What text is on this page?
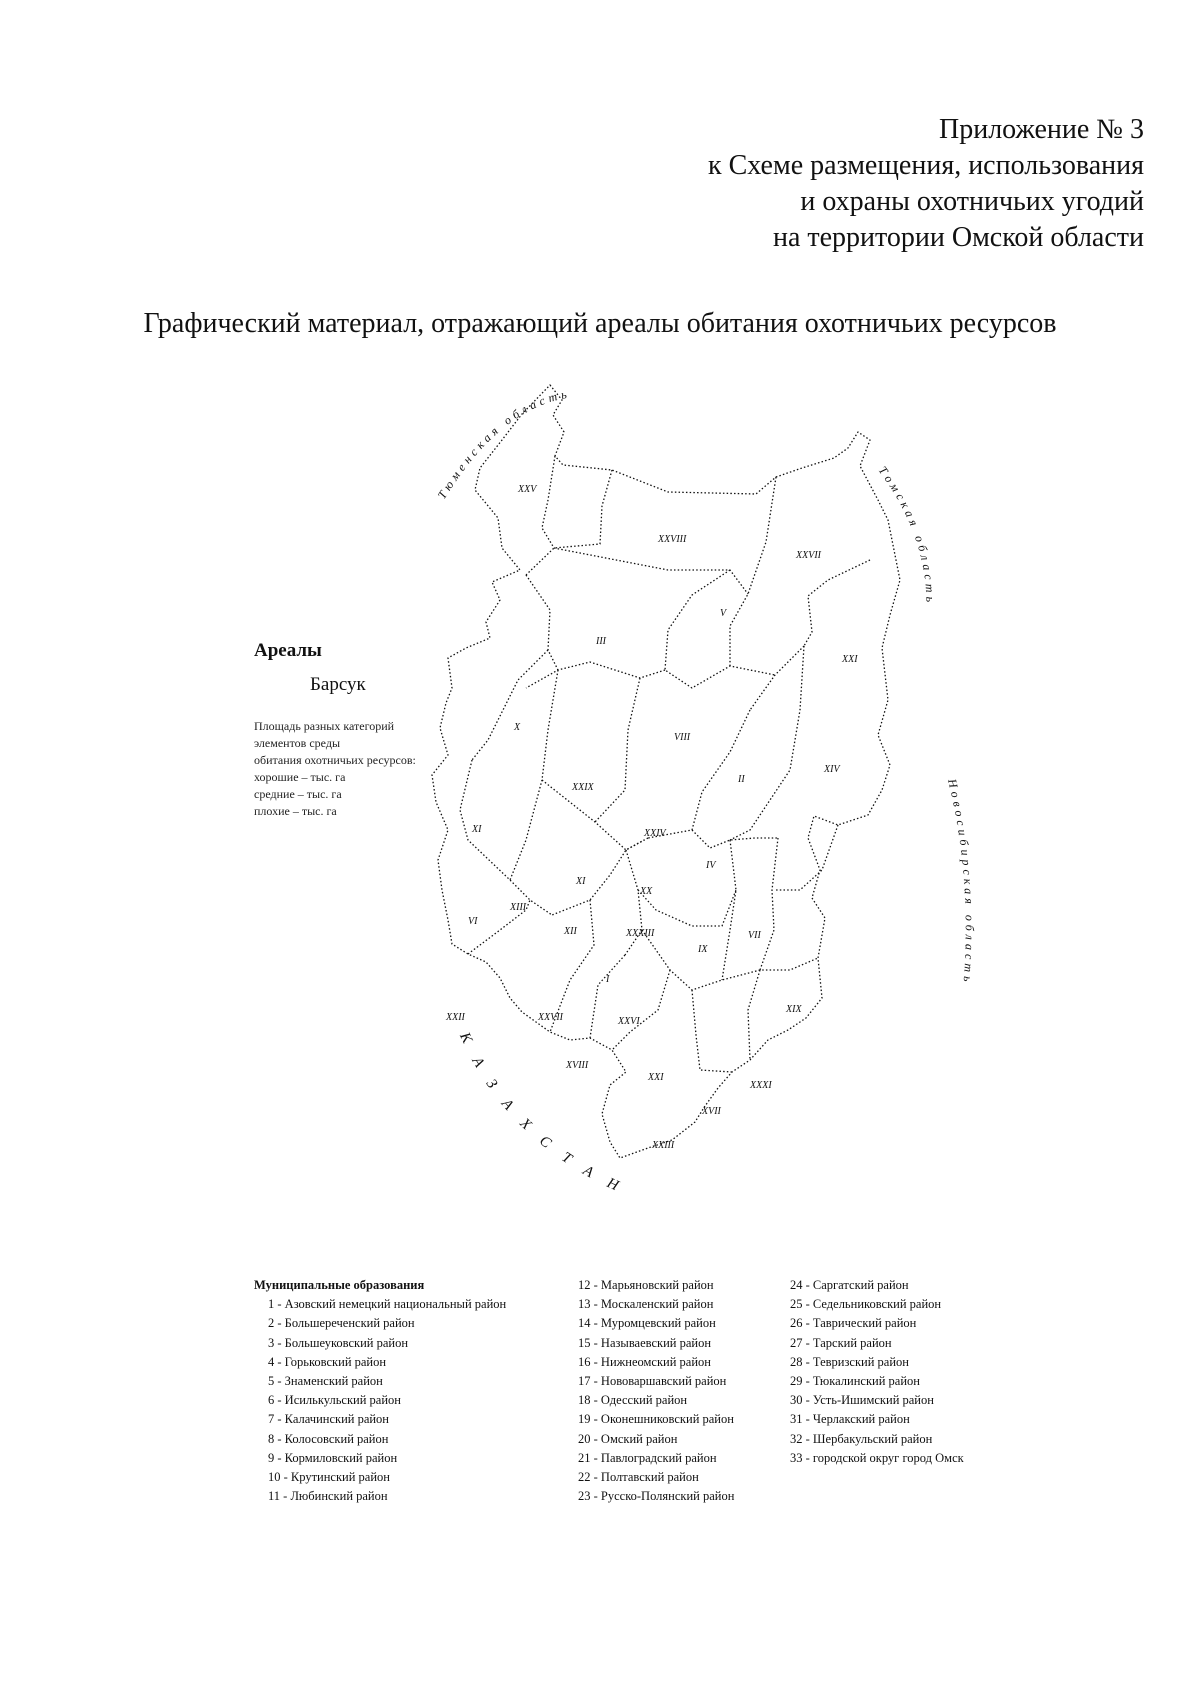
Приложение № 3
к Схеме размещения, использования
и охраны охотничьих угодий
на территории Омской области
Графический материал, отражающий ареалы обитания охотничьих ресурсов
Ареалы
Барсук
Площадь разных категорий
элементов среды
обитания охотничьих ресурсов:
хорошие – тыс. га
средние – тыс. га
плохие – тыс. га
Тюменская область
Томская область
Новосибирская область
КАЗАХСТАН
XXV
XXVIII
XXVII
III
V
XXI
X
VIII
II
XIV
XI
XXIX
XXIV
IV
XI
XX
VI
XIII
XII	XXXIII
IX
VII
XXII
I
XXVII	XXVI
XIX
XVIII
XXI
XXXI
XVII
XXIII
Муниципальные образования
1 - Азовский немецкий национальный район
2 - Большереченский район
3 - Большеуковский район
4 - Горьковский район
5 - Знаменский район
6 - Исилькульский район
7 - Калачинский район
8 - Колосовский район
9 - Кормиловский район
10 - Крутинский район
11 - Любинский район
12 - Марьяновский район
13 - Москаленский район
14 - Муромцевский район
15 - Называевский район
16 - Нижнеомский район
17 - Нововаршавский район
18 - Одесский район
19 - Оконешниковский район
20 - Омский район
21 - Павлоградский район
22 - Полтавский район
23 - Русско-Полянский район
24 - Саргатский район
25 - Седельниковский район
26 - Таврический район
27 - Тарский район
28 - Тевризский район
29 - Тюкалинский район
30 - Усть-Ишимский район
31 - Черлакский район
32 - Шербакульский район
33 - городской округ город Омск
